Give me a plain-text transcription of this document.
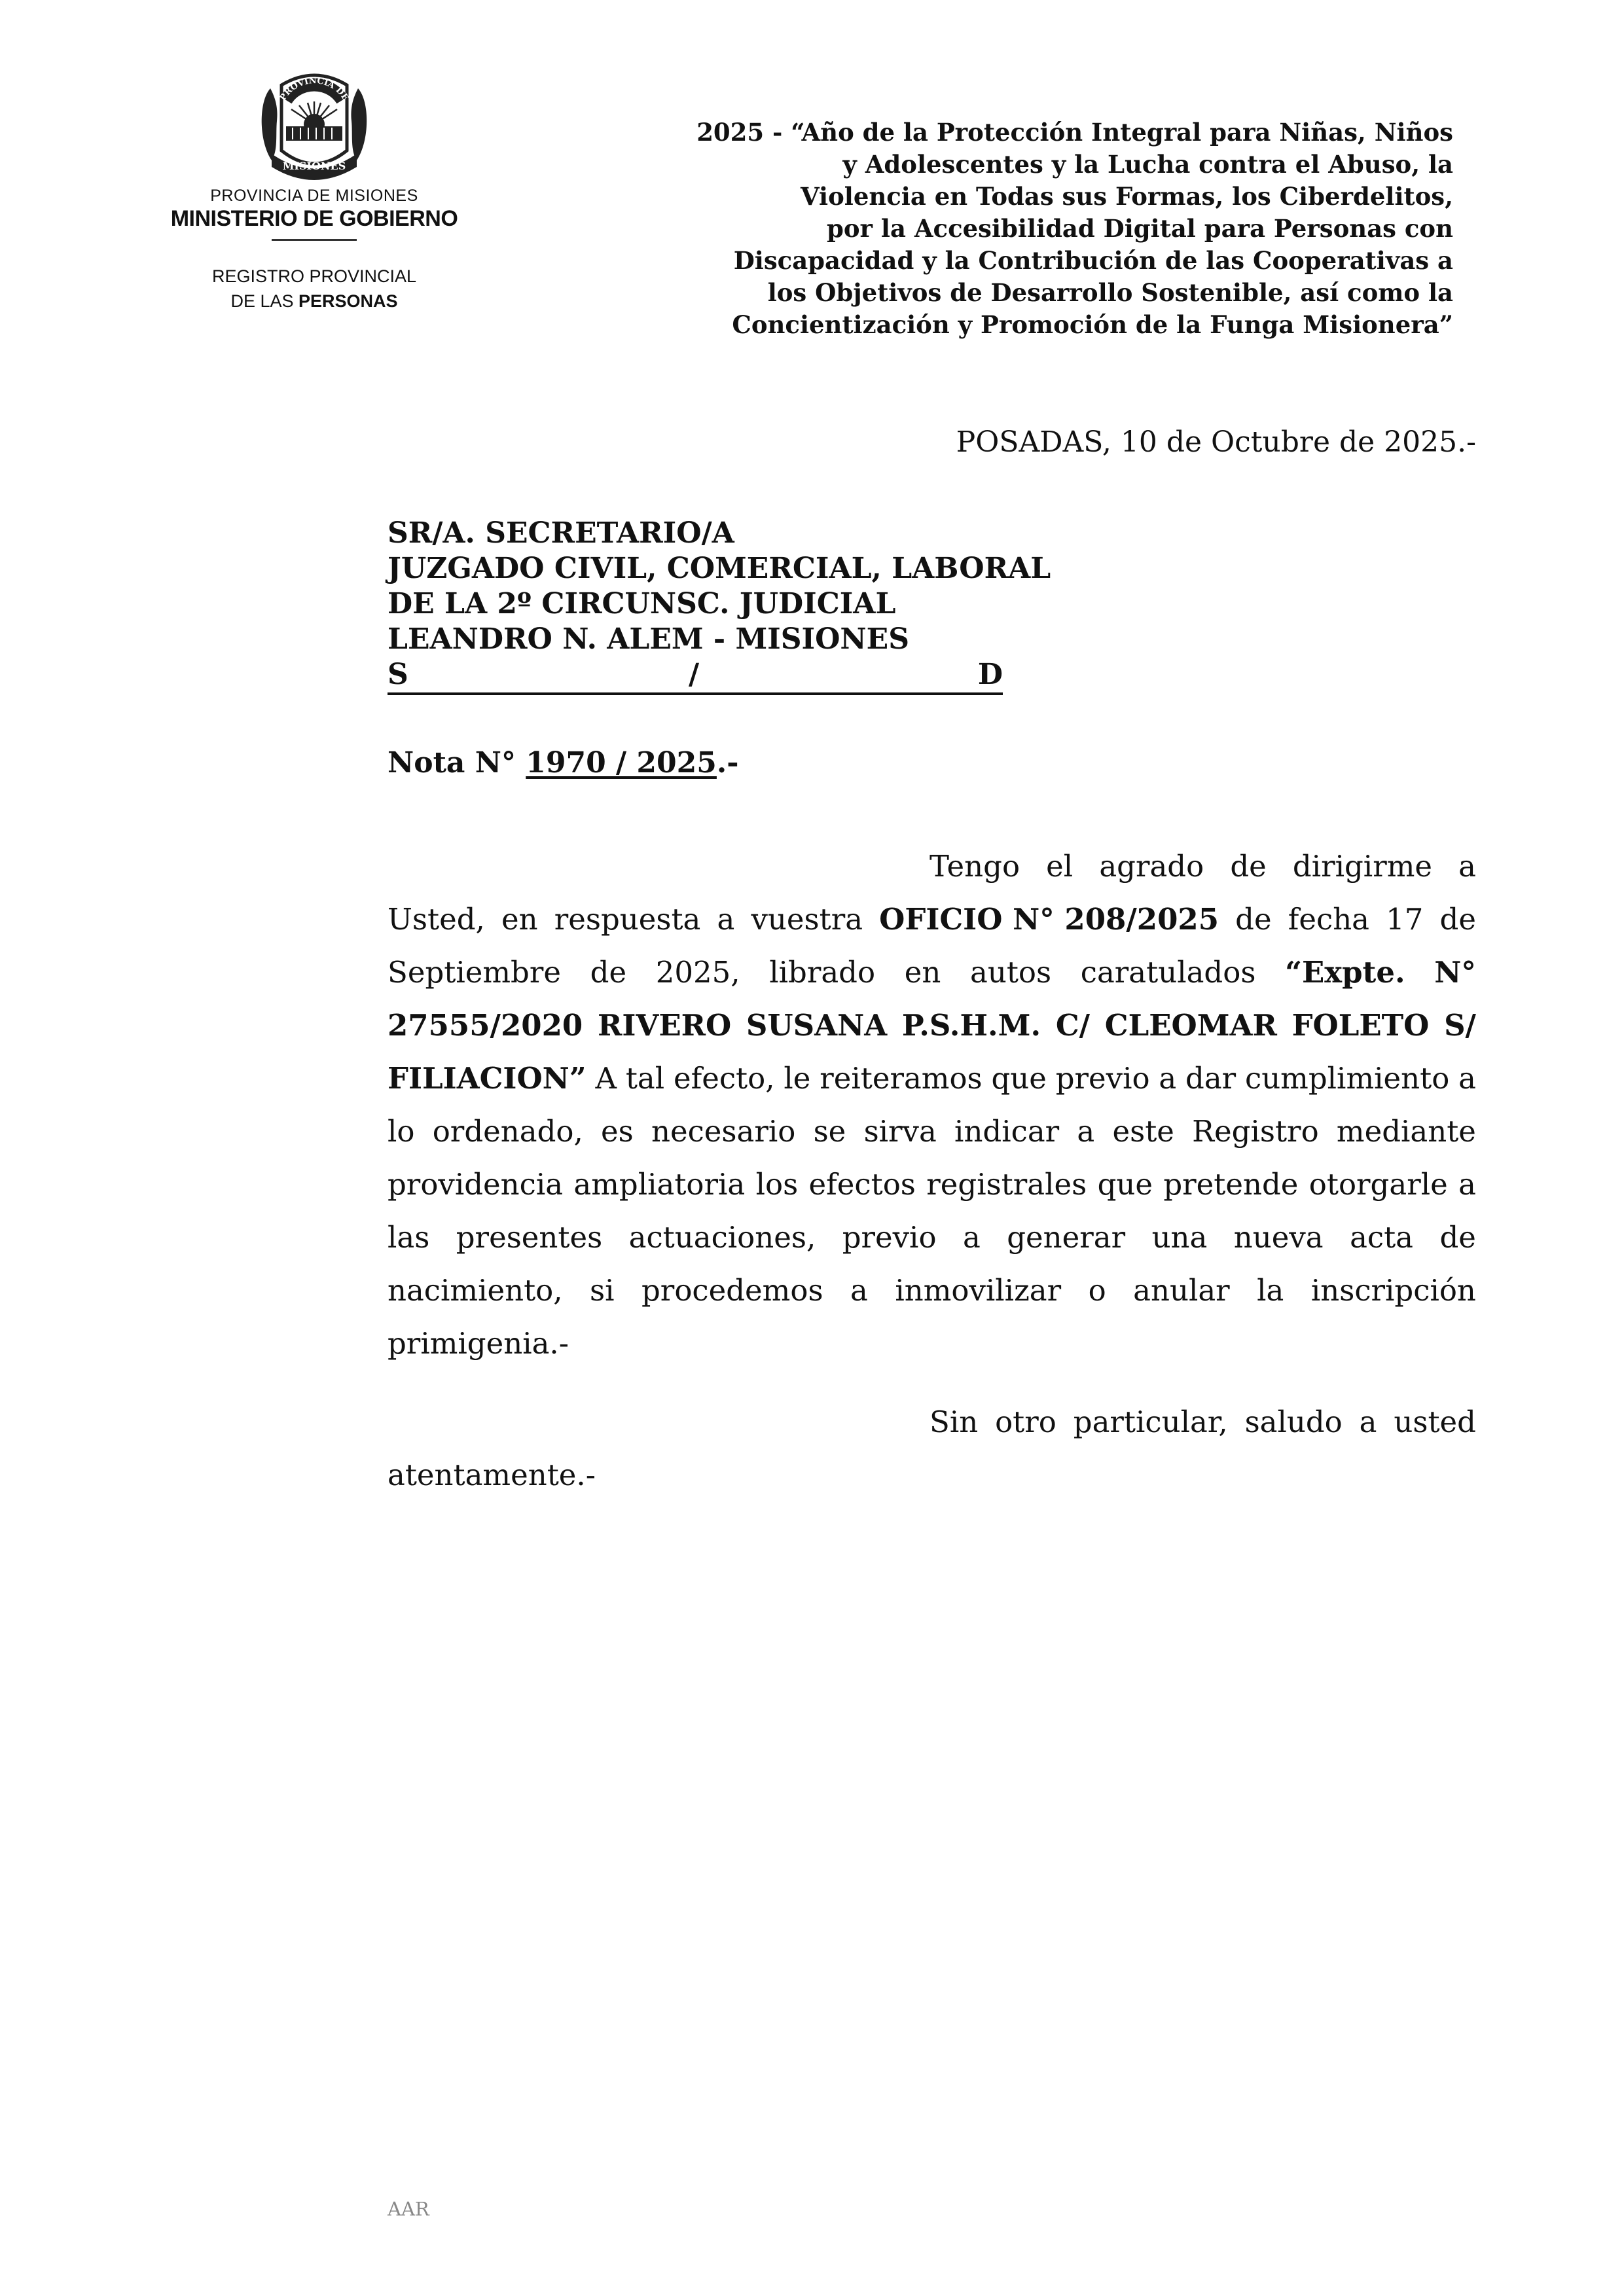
PROVINCIA DE
MISIONES
PROVINCIA DE MISIONES
MINISTERIO DE GOBIERNO
REGISTRO PROVINCIAL
DE LAS PERSONAS
2025 - “Año de la Protección Integral para Niñas, Niños
y Adolescentes y la Lucha contra el Abuso, la
Violencia en Todas sus Formas, los Ciberdelitos,
por la Accesibilidad Digital para Personas con
Discapacidad y la Contribución de las Cooperativas a
los Objetivos de Desarrollo Sostenible, así como la
Concientización y Promoción de la Funga Misionera”
POSADAS, 10 de Octubre de 2025.-
SR/A. SECRETARIO/A
JUZGADO CIVIL, COMERCIAL, LABORAL
DE LA 2º CIRCUNSC. JUDICIAL
LEANDRO N. ALEM - MISIONES
S	/	D
Nota N° 1970 / 2025.-
Tengo el agrado de dirigirme a
Usted, en respuesta a vuestra OFICIO N° 208/2025 de fecha 17 de
Septiembre de 2025, librado en autos caratulados “Expte. N°
27555/2020 RIVERO SUSANA P.S.H.M. C/ CLEOMAR FOLETO S/
FILIACION” A tal efecto, le reiteramos que previo a dar cumplimiento a
lo ordenado, es necesario se sirva indicar a este Registro mediante
providencia ampliatoria los efectos registrales que pretende otorgarle a
las presentes actuaciones, previo a generar una nueva acta de
nacimiento, si procedemos a inmovilizar o anular la inscripción
primigenia.-
Sin otro particular, saludo a usted
atentamente.-
AAR
